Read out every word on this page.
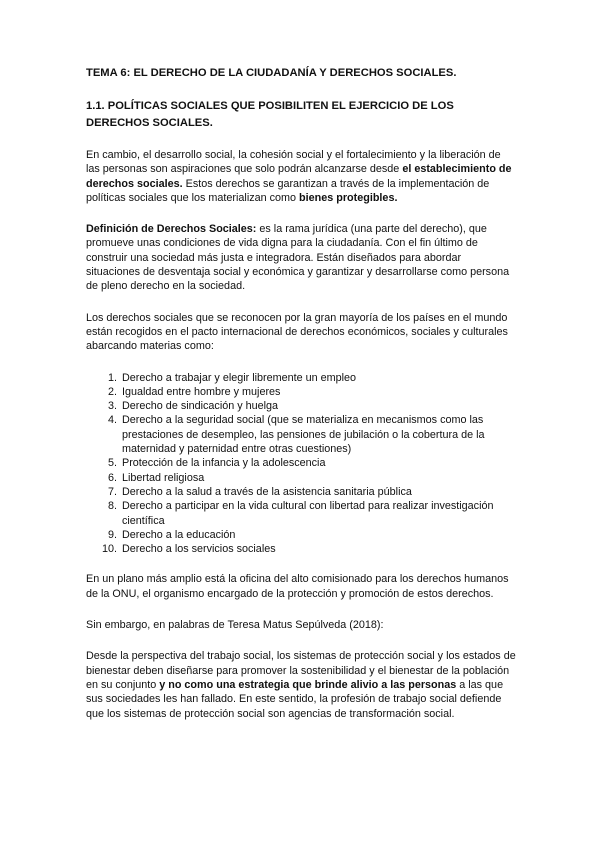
TEMA 6: EL DERECHO DE LA CIUDADANÍA Y DERECHOS SOCIALES.
1.1. POLÍTICAS SOCIALES QUE POSIBILITEN EL EJERCICIO DE LOS DERECHOS SOCIALES.

En cambio, el desarrollo social, la cohesión social y el fortalecimiento y la liberación de las personas son aspiraciones que solo podrán alcanzarse desde el establecimiento de derechos sociales. Estos derechos se garantizan a través de la implementación de políticas sociales que los materializan como bienes protegibles.

Definición de Derechos Sociales: es la rama jurídica (una parte del derecho), que promueve unas condiciones de vida digna para la ciudadanía. Con el fin último de construir una sociedad más justa e integradora. Están diseñados para abordar situaciones de desventaja social y económica y garantizar y desarrollarse como persona de pleno derecho en la sociedad.

Los derechos sociales que se reconocen por la gran mayoría de los países en el mundo están recogidos en el pacto internacional de derechos económicos, sociales y culturales abarcando materias como:

1. Derecho a trabajar y elegir libremente un empleo
2. Igualdad entre hombre y mujeres
3. Derecho de sindicación y huelga
4. Derecho a la seguridad social (que se materializa en mecanismos como las prestaciones de desempleo, las pensiones de jubilación o la cobertura de la maternidad y paternidad entre otras cuestiones)
5. Protección de la infancia y la adolescencia
6. Libertad religiosa
7. Derecho a la salud a través de la asistencia sanitaria pública
8. Derecho a participar en la vida cultural con libertad para realizar investigación científica
9. Derecho a la educación
10. Derecho a los servicios sociales

En un plano más amplio está la oficina del alto comisionado para los derechos humanos de la ONU, el organismo encargado de la protección y promoción de estos derechos.

Sin embargo, en palabras de Teresa Matus Sepúlveda (2018):

Desde la perspectiva del trabajo social, los sistemas de protección social y los estados de bienestar deben diseñarse para promover la sostenibilidad y el bienestar de la población en su conjunto y no como una estrategia que brinde alivio a las personas a las que sus sociedades les han fallado. En este sentido, la profesión de trabajo social defiende que los sistemas de protección social son agencias de transformación social.
